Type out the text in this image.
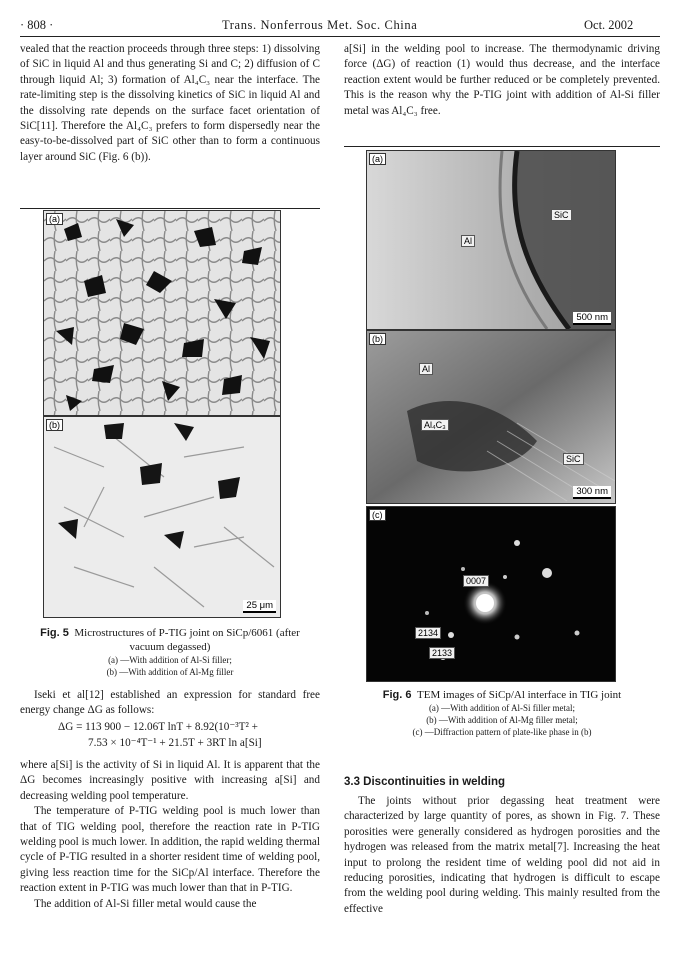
· 808 ·	Trans. Nonferrous Met. Soc. China	Oct. 2002

vealed that the reaction proceeds through three steps: 1) dissolving of SiC in liquid Al and thus generating Si and C; 2) diffusion of C through liquid Al; 3) formation of Al₄C₃ near the interface. The rate-limiting step is the dissolving kinetics of SiC in liquid Al and the dissolving rate depends on the surface facet orientation of SiC[11]. Therefore the Al₄C₃ prefers to form dispersedly near the easy-to-be-dissolved part of SiC other than to form a continuous layer around SiC (Fig. 6 (b)).

(a)
(b)
25 μm
Fig. 5 Microstructures of P-TIG joint on SiCp/6061 (after vacuum degassed)
(a) —With addition of Al-Si filler;
(b) —With addition of Al-Mg filler

Iseki et al[12] established an expression for standard free energy change ΔG as follows:

ΔG = 113 900 − 12.06T lnT + 8.92(10⁻³T² +
7.53 × 10⁻⁴T⁻¹ + 21.5T + 3RT ln a[Si]

where a[Si] is the activity of Si in liquid Al. It is apparent that the ΔG becomes increasingly positive with increasing a[Si] and decreasing welding pool temperature.

The temperature of P-TIG welding pool is much lower than that of TIG welding pool, therefore the reaction rate in P-TIG welding pool is much lower. In addition, the rapid welding thermal cycle of P-TIG resulted in a shorter resident time of welding pool, giving less reaction time for the SiCp/Al interface. Therefore the reaction extent in P-TIG was much lower than that in P-TIG.

The addition of Al-Si filler metal would cause the

a[Si] in the welding pool to increase. The thermodynamic driving force (ΔG) of reaction (1) would thus decrease, and the interface reaction extent would be further reduced or be completely prevented. This is the reason why the P-TIG joint with addition of Al-Si filler metal was Al₄C₃ free.

(a)
SiC
Al
500 nm
(b)
Al
Al₄C₃
SiC
300 nm
(c)
0007
2134
2133
Fig. 6 TEM images of SiCp/Al interface in TIG joint
(a) —With addition of Al-Si filler metal;
(b) —With addition of Al-Mg filler metal;
(c) —Diffraction pattern of plate-like phase in (b)
3.3 Discontinuities in welding

The joints without prior degassing heat treatment were characterized by large quantity of pores, as shown in Fig. 7. These porosities were generally considered as hydrogen porosities and the hydrogen was released from the matrix metal[7]. Increasing the heat input to prolong the resident time of welding pool did not aid in reducing porosities, indicating that hydrogen is difficult to escape from the welding pool during welding. This mainly resulted from the effective
